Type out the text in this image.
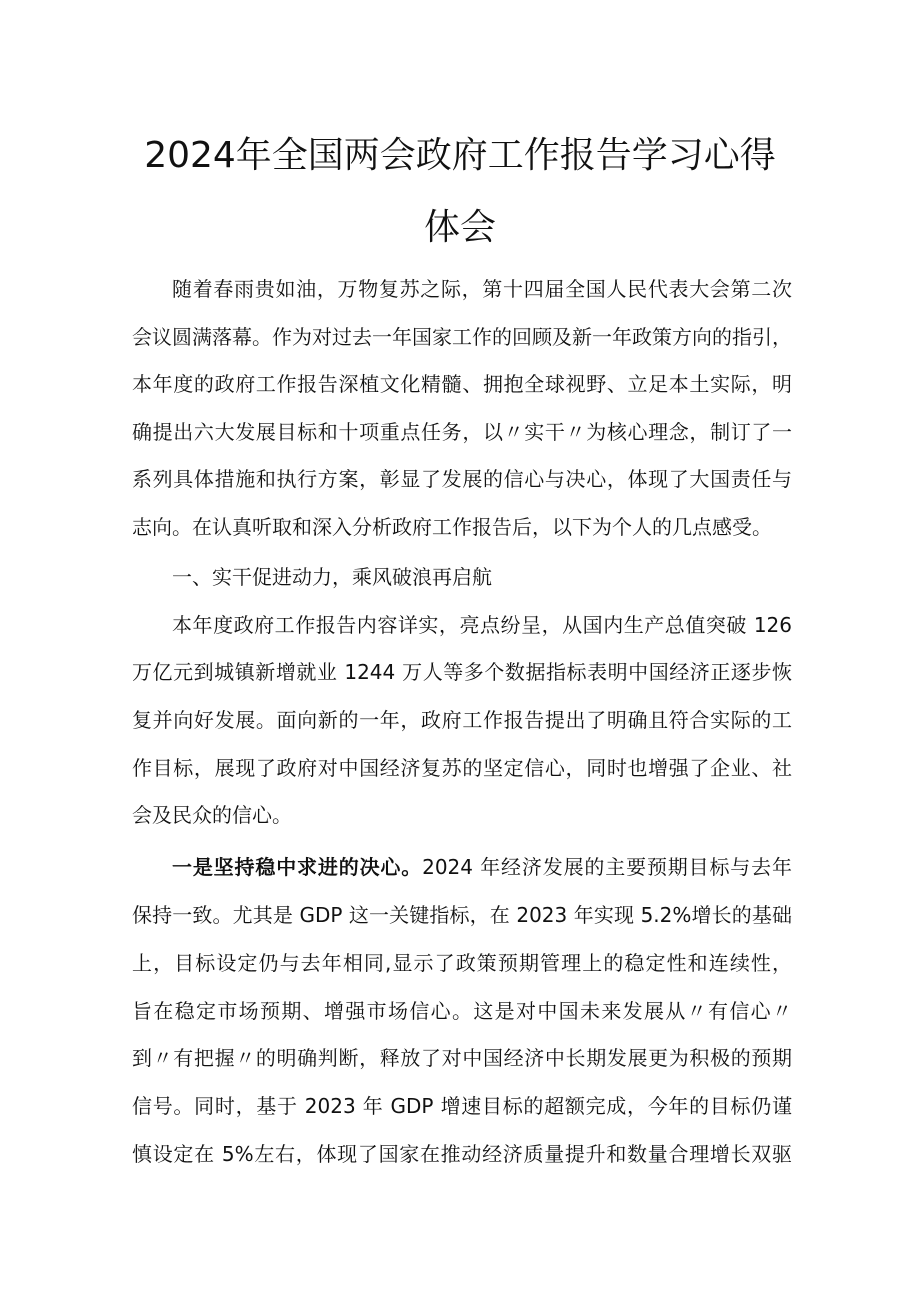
2024年全国两会政府工作报告学习心得
体会
随着春雨贵如油，万物复苏之际，第十四届全国人民代表大会第二次
会议圆满落幕。作为对过去一年国家工作的回顾及新一年政策方向的指引，
本年度的政府工作报告深植文化精髓、拥抱全球视野、立足本土实际，明
确提出六大发展目标和十项重点任务，以〃实干〃为核心理念，制订了一
系列具体措施和执行方案，彰显了发展的信心与决心，体现了大国责任与
志向。在认真听取和深入分析政府工作报告后，以下为个人的几点感受。
一、实干促进动力，乘风破浪再启航
本年度政府工作报告内容详实，亮点纷呈，从国内生产总值突破 126
万亿元到城镇新增就业 1244 万人等多个数据指标表明中国经济正逐步恢
复并向好发展。面向新的一年，政府工作报告提出了明确且符合实际的工
作目标，展现了政府对中国经济复苏的坚定信心，同时也增强了企业、社
会及民众的信心。
一是坚持稳中求进的决心。2024 年经济发展的主要预期目标与去年
保持一致。尤其是 GDP 这一关键指标，在 2023 年实现 5.2%增长的基础
上，目标设定仍与去年相同,显示了政策预期管理上的稳定性和连续性，
旨在稳定市场预期、增强市场信心。这是对中国未来发展从〃有信心〃
到〃有把握〃的明确判断，释放了对中国经济中长期发展更为积极的预期
信号。同时，基于 2023 年 GDP 增速目标的超额完成，今年的目标仍谨
慎设定在 5%左右，体现了国家在推动经济质量提升和数量合理增长双驱
